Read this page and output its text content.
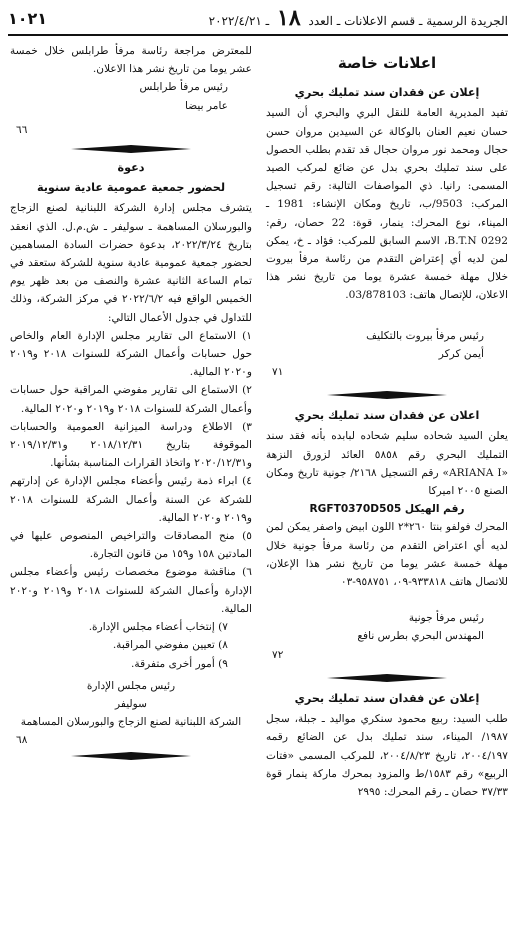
الجريدة الرسمية ـ قسم الاعلانات ـ العدد ١٨ ـ ٢٠٢٢/٤/٢١
١٠٢١
اعلانات خاصة
إعلان عن فقدان سند تمليك بحري

تفيد المديرية العامة للنقل البري والبحري أن السيد حسان نعيم العنان بالوكالة عن السيدين مروان حسن حجال ومحمد نور مروان حجال قد تقدم بطلب الحصول على سند تمليك بحري بدل عن ضائع لمركب الصيد المسمى: رانيا. ذي المواصفات التالية: رقم تسجيل المركب: 9503/ب، تاريخ ومكان الإنشاء: 1981 ـ الميناء، نوع المحرك: ينمار، قوة: 22 حصان، رقم: B.T.N 0292، الاسم السابق للمركب: فؤاد ـ خ، يمكن لمن لديه أي إعتراض التقدم من رئاسة مرفأ بيروت خلال مهلة خمسة عشرة يوما من تاريخ نشر هذا الاعلان، للإتصال هاتف: 03/878103.

رئيس مرفأ بيروت بالتكليف
أيمن كركر
٧١
اعلان عن فقدان سند تمليك بحري

يعلن السيد شحاده سليم شحاده لبابده بأنه فقد سند التمليك البحري رقم ٥٨٥٨ العائد لزورق النزهة «ARIANA I» رقم التسجيل ٢١٦٨/ جونية تاريخ ومكان الصنع ٢٠٠٥ اميركا

رقم الهيكل RGFT0370D505

المحرك فولفو بنتا ٢٦٠*٢ اللون ابيض واصفر يمكن لمن لديه أي اعتراض التقدم من رئاسة مرفأ جونية خلال مهلة خمسة عشر يوما من تاريخ نشر هذا الإعلان، للاتصال هاتف ٩٣٣٨١٨-٠٩، ٩٥٨٧٥١-٠٣

رئيس مرفأ جونية
المهندس البحري بطرس نافع
٧٢
إعلان عن فقدان سند تمليك بحري

طلب السيد: ربيع محمود سنكري موالید ـ جبلة، سجل ١٩٨٧/ الميناء، سند تمليك بدل عن الضائع رقمه ٢٠٠٤/١٩٧، تاريخ ٢٠٠٤/٨/٢٣، للمركب المسمى «فتات الربيع» رقم ١٥٨٣/ط والمزود بمحرك ماركة ينمار قوة ٣٧/٣٣ حصان ـ رقم المحرك: ٢٩٩٥

للمعترض مراجعة رئاسة مرفأ طرابلس خلال خمسة عشر يوما من تاريخ نشر هذا الاعلان.

رئيس مرفأ طرابلس
عامر بيضا
٦٦
دعوة
لحضور جمعية عمومية عادية سنوية

يتشرف مجلس إدارة الشركة اللبنانية لصنع الزجاج والبورسلان المساهمة ـ سوليفر ـ ش.م.ل. الذي انعقد بتاريخ ٢٠٢٢/٣/٢٤، بدعوة حضرات السادة المساهمين لحضور جمعية عمومية عادية سنوية للشركة ستعقد في تمام الساعة الثانية عشرة والنصف من بعد ظهر يوم الخميس الواقع فيه ٢٠٢٢/٦/٢ في مركز الشركة، وذلك للتداول في جدول الأعمال التالي:

١) الاستماع الى تقارير مجلس الإدارة العام والخاص حول حسابات وأعمال الشركة للسنوات ٢٠١٨ و٢٠١٩ و٢٠٢٠ المالية.
٢) الاستماع الى تقارير مفوضي المراقبة حول حسابات وأعمال الشركة للسنوات ٢٠١٨ و٢٠١٩ و٢٠٢٠ المالية.
٣) الاطلاع ودراسة الميزانية العمومية والحسابات الموقوفة بتاريخ ٢٠١٨/١٢/٣١ و٢٠١٩/١٢/٣١ و٢٠٢٠/١٢/٣١ واتخاذ القرارات المناسبة بشأنها.
٤) ابراء ذمة رئيس وأعضاء مجلس الإدارة عن إدارتهم للشركة عن السنة وأعمال الشركة للسنوات ٢٠١٨ و٢٠١٩ و٢٠٢٠ المالية.
٥) منح المصادقات والتراخيص المنصوص عليها في المادتين ١٥٨ و١٥٩ من قانون التجارة.
٦) مناقشة موضوع مخصصات رئيس وأعضاء مجلس الإدارة وأعمال الشركة للسنوات ٢٠١٨ و٢٠١٩ و٢٠٢٠ المالية.
٧) إنتخاب أعضاء مجلس الإدارة.
٨) تعيين مفوضي المراقبة.
٩) أمور أخرى متفرقة.
رئيس مجلس الإدارة
سوليفر
الشركة اللبنانية لصنع الزجاج والبورسلان المساهمة
٦٨
